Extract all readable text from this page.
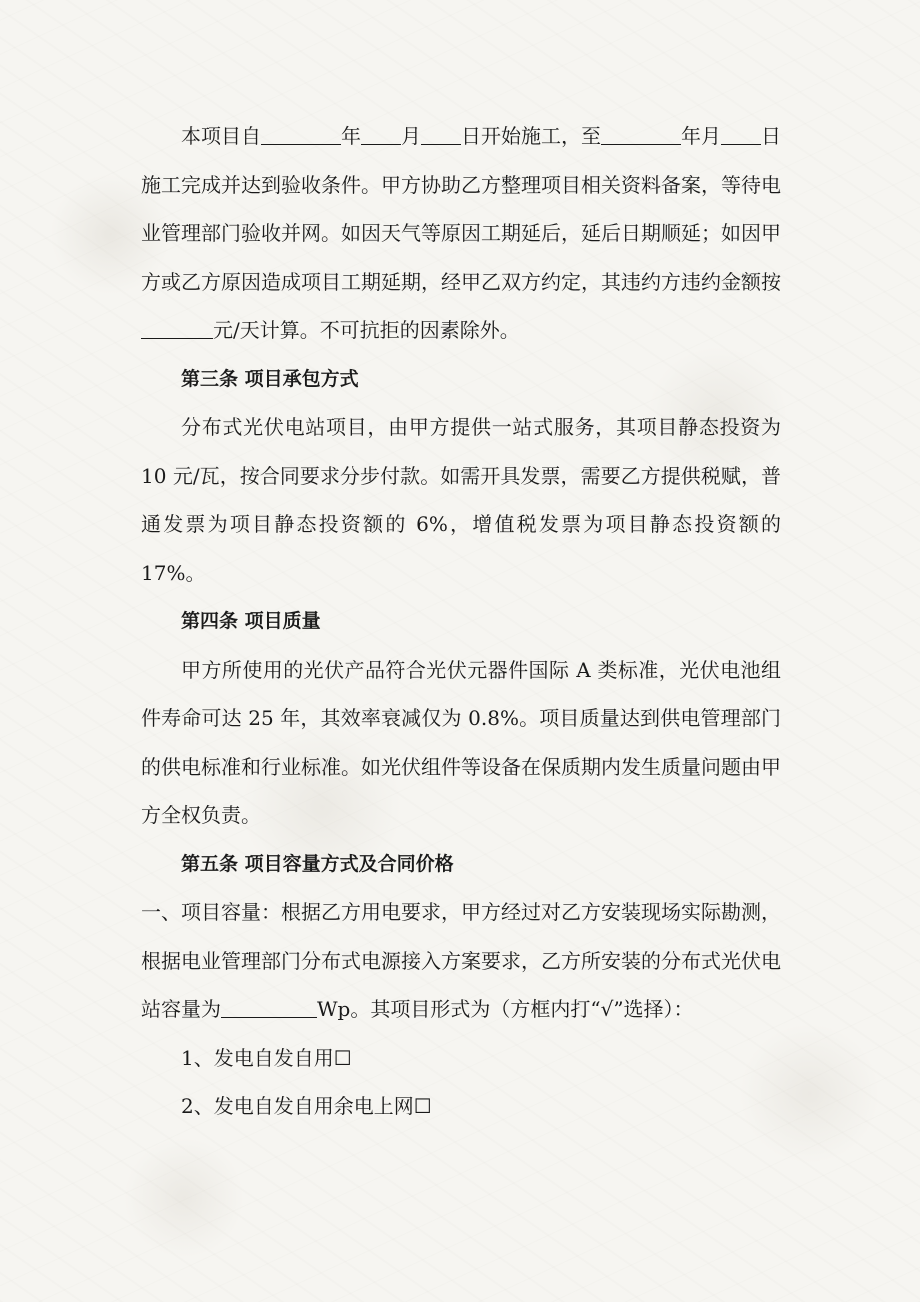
本项目自	年 月 日开始施工，至	年月 日施工完成并达到验收条件。甲方协助乙方整理项目相关资料备案，等待电业管理部门验收并网。如因天气等原因工期延后，延后日期顺延；如因甲方或乙方原因造成项目工期延期，经甲乙双方约定，其违约方违约金额按元/天计算。不可抗拒的因素除外。

第三条 项目承包方式

分布式光伏电站项目，由甲方提供一站式服务，其项目静态投资为 10 元/瓦，按合同要求分步付款。如需开具发票，需要乙方提供税赋，普通发票为项目静态投资额的 6%，增值税发票为项目静态投资额的 17%。

第四条 项目质量

甲方所使用的光伏产品符合光伏元器件国际 A 类标准，光伏电池组件寿命可达 25 年，其效率衰减仅为 0.8%。项目质量达到供电管理部门的供电标准和行业标准。如光伏组件等设备在保质期内发生质量问题由甲方全权负责。

第五条 项目容量方式及合同价格

一、项目容量：根据乙方用电要求，甲方经过对乙方安装现场实际勘测，根据电业管理部门分布式电源接入方案要求，乙方所安装的分布式光伏电站容量为	Wp。其项目形式为（方框内打“√”选择）：

1、发电自发自用☐

2、发电自发自用余电上网☐
